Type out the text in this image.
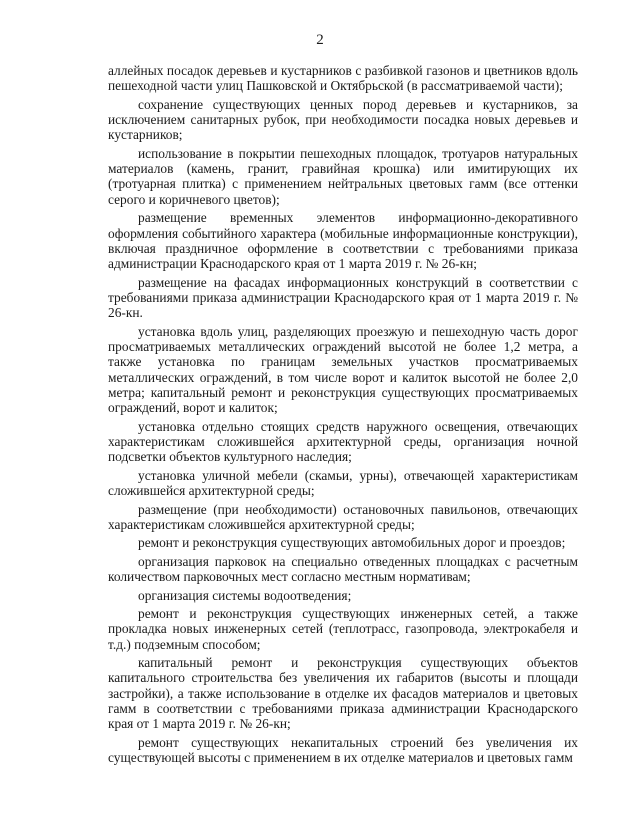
2

аллейных посадок деревьев и кустарников с разбивкой газонов и цветников вдоль пешеходной части улиц Пашковской и Октябрьской (в рассматриваемой части);

сохранение существующих ценных пород деревьев и кустарников, за исключением санитарных рубок, при необходимости посадка новых деревьев и кустарников;

использование в покрытии пешеходных площадок, тротуаров натуральных материалов (камень, гранит, гравийная крошка) или имитирующих их (тротуарная плитка) с применением нейтральных цветовых гамм (все оттенки серого и коричневого цветов);

размещение временных элементов информационно-декоративного оформления событийного характера (мобильные информационные конструкции), включая праздничное оформление в соответствии с требованиями приказа администрации Краснодарского края от 1 марта 2019 г. № 26-кн;

размещение на фасадах информационных конструкций в соответствии с требованиями приказа администрации Краснодарского края от 1 марта 2019 г. № 26-кн.

установка вдоль улиц, разделяющих проезжую и пешеходную часть дорог просматриваемых металлических ограждений высотой не более 1,2 метра, а также установка по границам земельных участков просматриваемых металлических ограждений, в том числе ворот и калиток высотой не более 2,0 метра; капитальный ремонт и реконструкция существующих просматриваемых ограждений, ворот и калиток;

установка отдельно стоящих средств наружного освещения, отвечающих характеристикам сложившейся архитектурной среды, организация ночной подсветки объектов культурного наследия;

установка уличной мебели (скамьи, урны), отвечающей характеристикам сложившейся архитектурной среды;

размещение (при необходимости) остановочных павильонов, отвечающих характеристикам сложившейся архитектурной среды;

ремонт и реконструкция существующих автомобильных дорог и проездов;

организация парковок на специально отведенных площадках с расчетным количеством парковочных мест согласно местным нормативам;

организация системы водоотведения;

ремонт и реконструкция существующих инженерных сетей, а также прокладка новых инженерных сетей (теплотрасс, газопровода, электрокабеля и т.д.) подземным способом;

капитальный ремонт и реконструкция существующих объектов капитального строительства без увеличения их габаритов (высоты и площади застройки), а также использование в отделке их фасадов материалов и цветовых гамм в соответствии с требованиями приказа администрации Краснодарского края от 1 марта 2019 г. № 26-кн;

ремонт существующих некапитальных строений без увеличения их существующей высоты с применением в их отделке материалов и цветовых гамм
